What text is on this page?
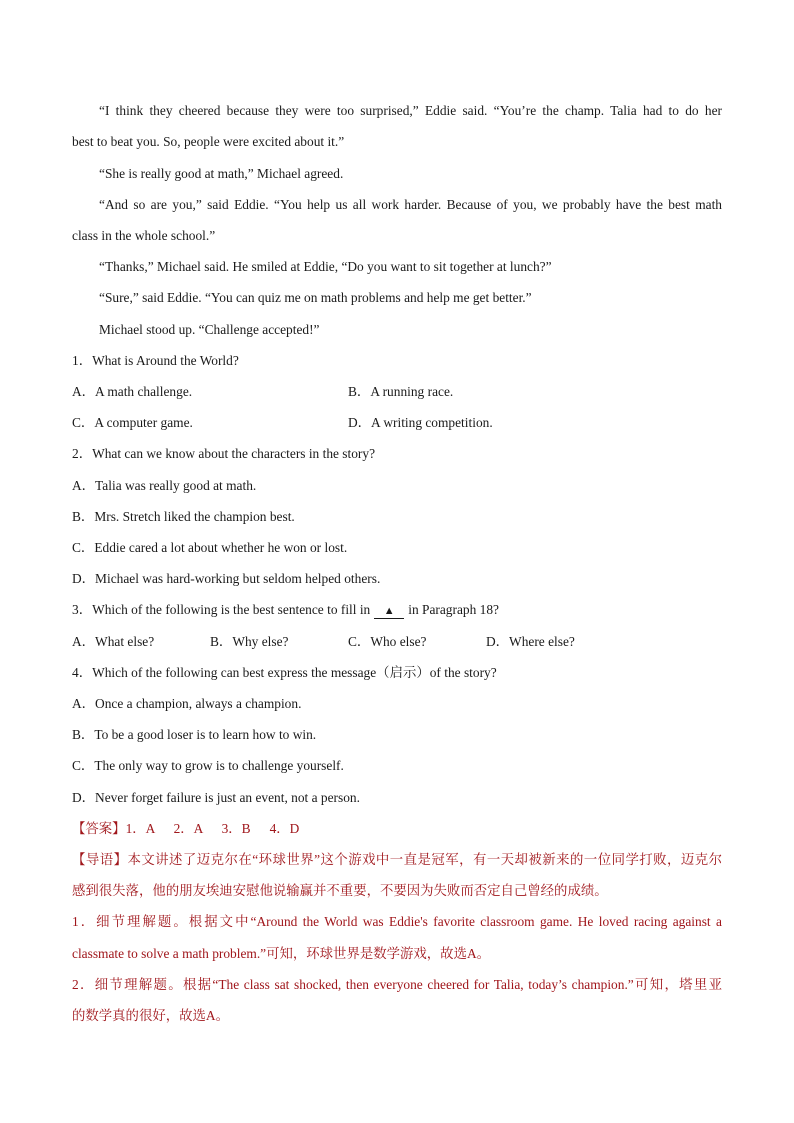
“I think they cheered because they were too surprised,” Eddie said. “You’re the champ. Talia had to do her
best to beat you. So, people were excited about it.”
“She is really good at math,” Michael agreed.
“And so are you,” said Eddie. “You help us all work harder. Because of you, we probably have the best math
class in the whole school.”
“Thanks,” Michael said. He smiled at Eddie, “Do you want to sit together at lunch?”
“Sure,” said Eddie. “You can quiz me on math problems and help me get better.”
Michael stood up. “Challenge accepted!”
1．What is Around the World?
A．A math challenge.	B．A running race.
C．A computer game.	D．A writing competition.
2．What can we know about the characters in the story?
A．Talia was really good at math.
B．Mrs. Stretch liked the champion best.
C．Eddie cared a lot about whether he won or lost.
D．Michael was hard-working but seldom helped others.
3．Which of the following is the best sentence to fill in ▲ in Paragraph 18?
A．What else?	B．Why else?	C．Who else?	D．Where else?
4．Which of the following can best express the message（启示）of the story?
A．Once a champion, always a champion.
B．To be a good loser is to learn how to win.
C．The only way to grow is to challenge yourself.
D．Never forget failure is just an event, not a person.
【答案】1．A 2．A 3．B 4．D
【导语】本文讲述了迈克尔在“环球世界”这个游戏中一直是冠军，有一天却被新来的一位同学打败，迈克尔
感到很失落，他的朋友埃迪安慰他说输赢并不重要，不要因为失败而否定自己曾经的成绩。
1．细节理解题。根据文中“Around the World was Eddie's favorite classroom game. He loved racing against a
classmate to solve a math problem.”可知，环球世界是数学游戏，故选A。
2．细节理解题。根据“The class sat shocked, then everyone cheered for Talia, today’s champion.”可知，塔里亚
的数学真的很好，故选A。
